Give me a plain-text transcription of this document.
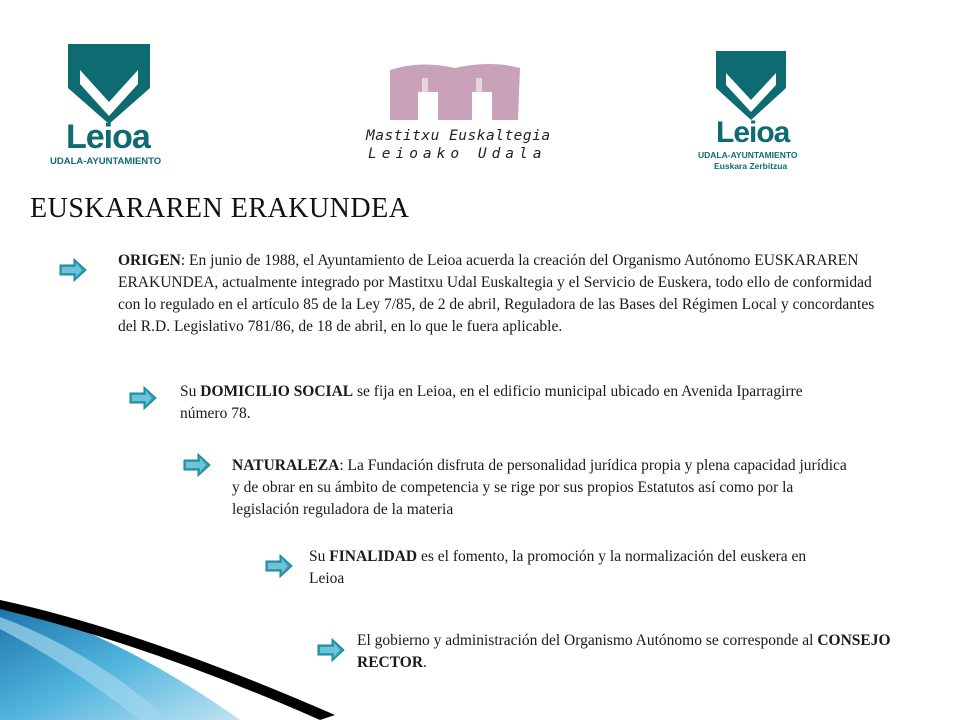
Leioa
UDALA-AYUNTAMIENTO
Mastitxu Euskaltegia
Leioako Udala
Leioa
UDALA-AYUNTAMIENTO
Euskara Zerbitzua
EUSKARAREN ERAKUNDEA
ORIGEN: En junio de 1988, el Ayuntamiento de Leioa acuerda la creación del Organismo Autónomo EUSKARAREN ERAKUNDEA, actualmente integrado por Mastitxu Udal Euskaltegia y el Servicio de Euskera, todo ello de conformidad con lo regulado en el artículo 85 de la Ley 7/85, de 2 de abril, Reguladora de las Bases del Régimen Local y concordantes del R.D. Legislativo 781/86, de 18 de abril, en lo que le fuera aplicable.
Su DOMICILIO SOCIAL se fija en Leioa, en el edificio municipal ubicado en Avenida Iparragirre número 78.
NATURALEZA: La Fundación disfruta de personalidad jurídica propia y plena capacidad jurídica y de obrar en su ámbito de competencia y se rige por sus propios Estatutos así como por la legislación reguladora de la materia
Su FINALIDAD es el fomento, la promoción y la normalización del euskera en Leioa
El gobierno y administración del Organismo Autónomo se corresponde al CONSEJO RECTOR.
